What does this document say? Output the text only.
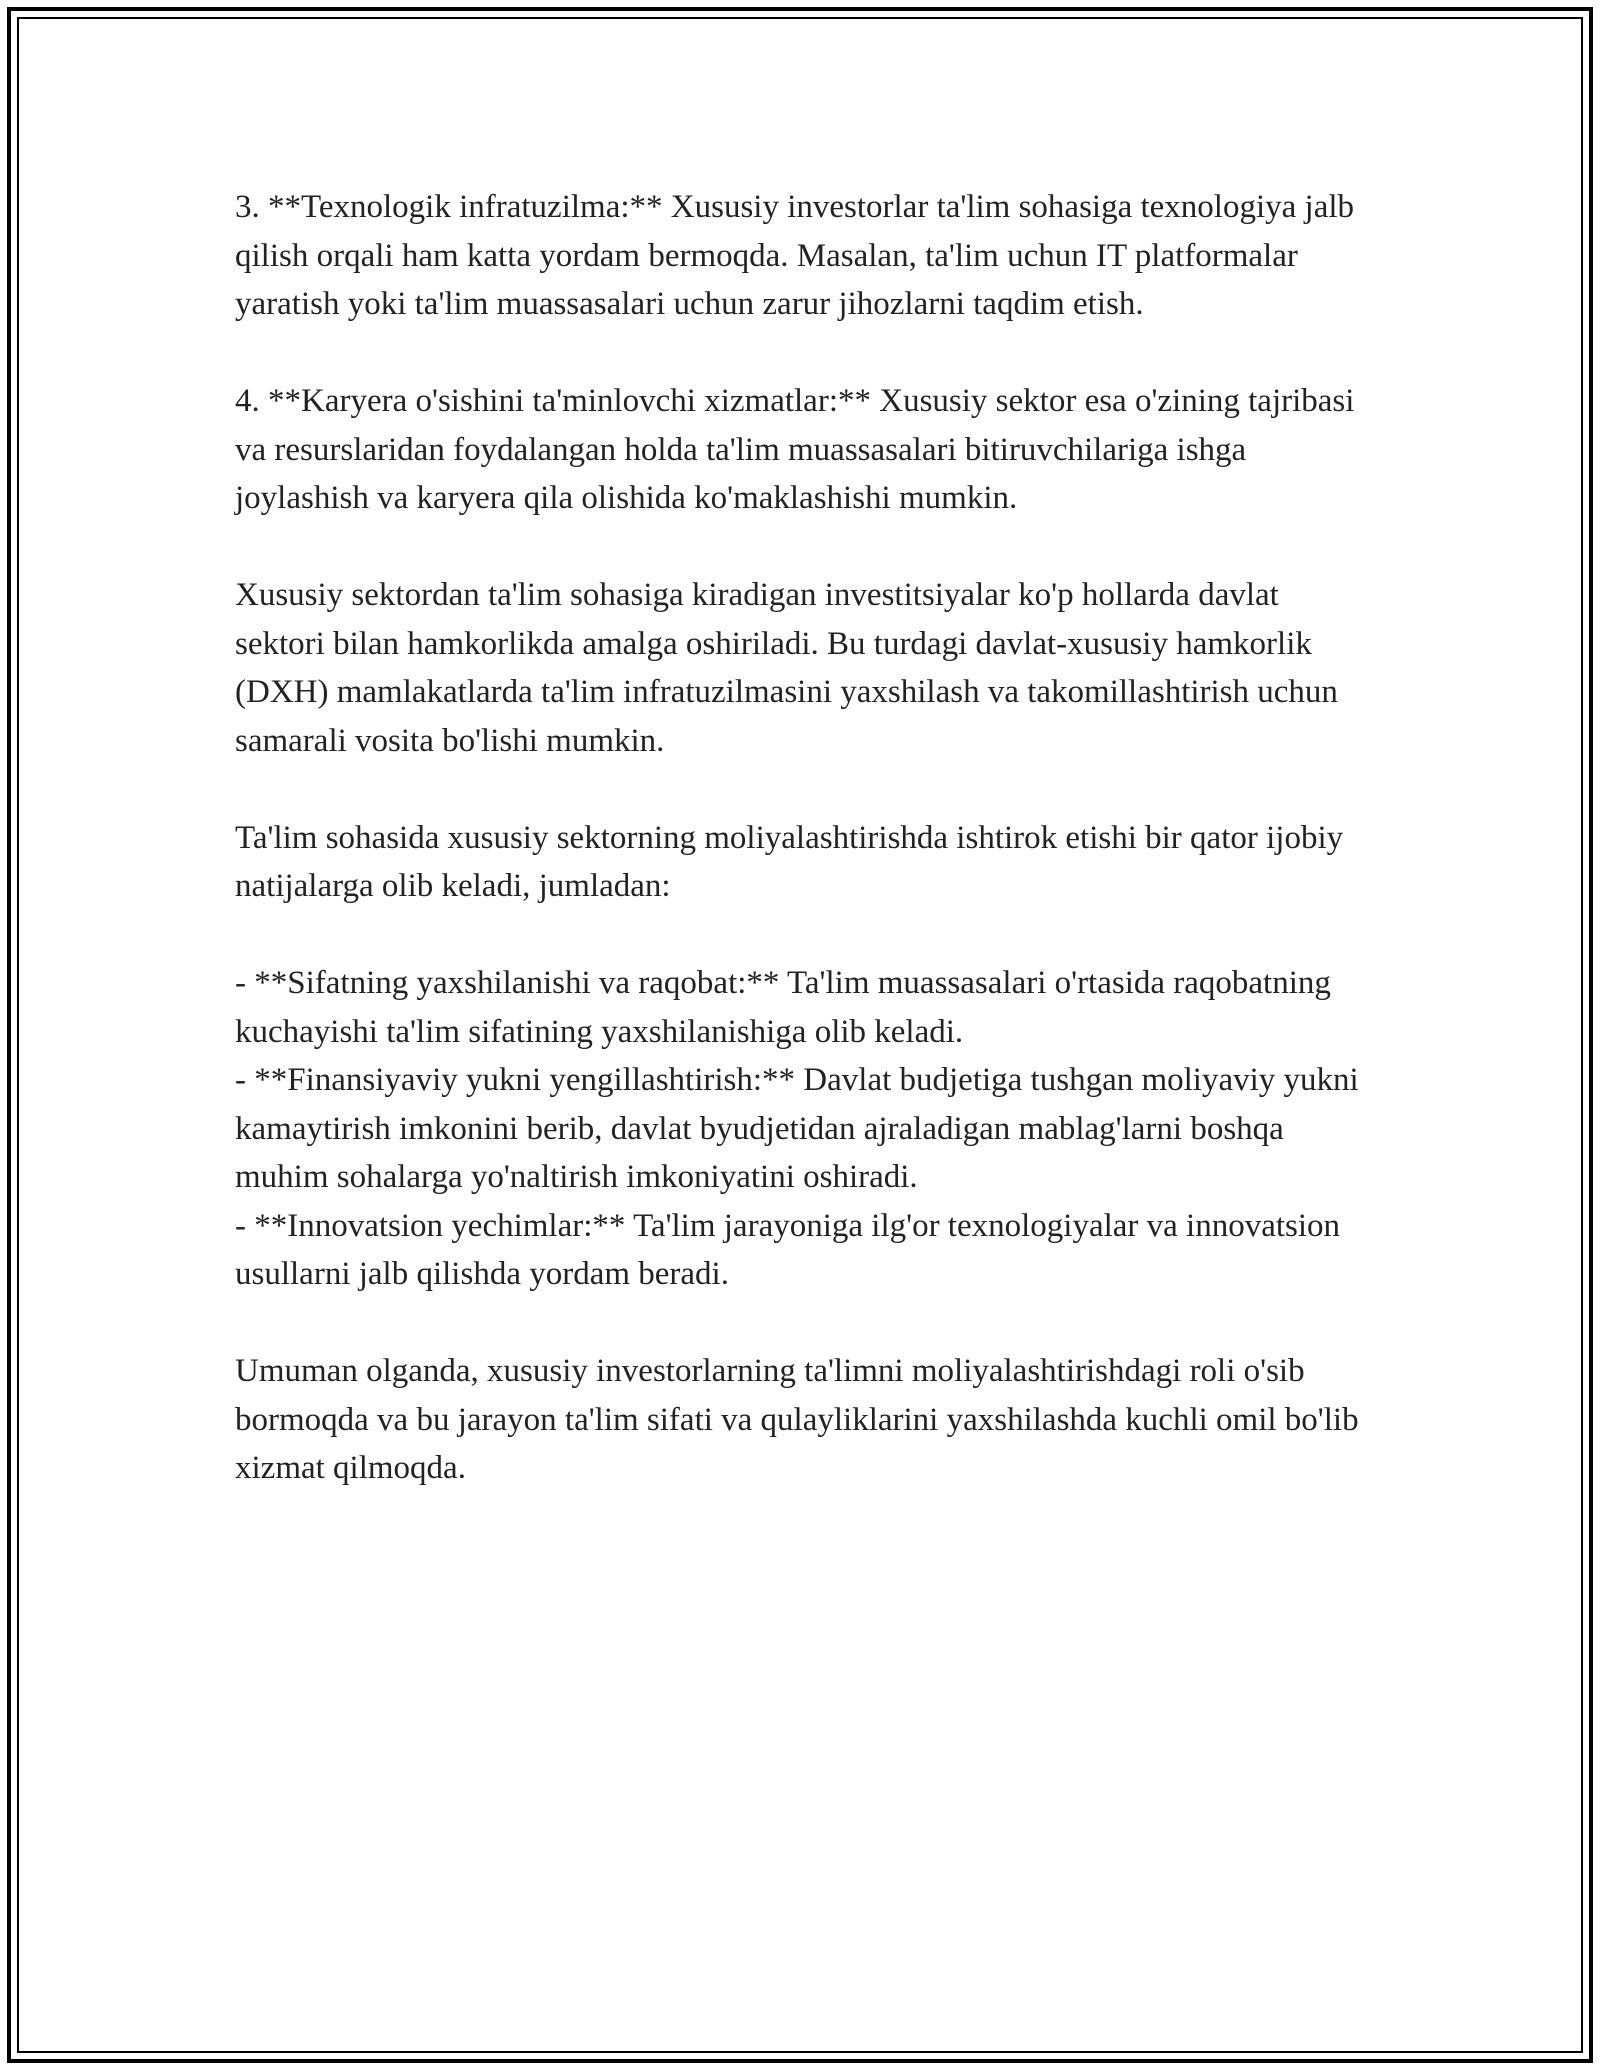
3. **Texnologik infratuzilma:** Xususiy investorlar ta'lim sohasiga texnologiya jalb qilish orqali ham katta yordam bermoqda. Masalan, ta'lim uchun IT platformalar yaratish yoki ta'lim muassasalari uchun zarur jihozlarni taqdim etish.

4. **Karyera o'sishini ta'minlovchi xizmatlar:** Xususiy sektor esa o'zining tajribasi va resurslaridan foydalangan holda ta'lim muassasalari bitiruvchilariga ishga joylashish va karyera qila olishida ko'maklashishi mumkin.

Xususiy sektordan ta'lim sohasiga kiradigan investitsiyalar ko'p hollarda davlat sektori bilan hamkorlikda amalga oshiriladi. Bu turdagi davlat-xususiy hamkorlik (DXH) mamlakatlarda ta'lim infratuzilmasini yaxshilash va takomillashtirish uchun samarali vosita bo'lishi mumkin.

Ta'lim sohasida xususiy sektorning moliyalashtirishda ishtirok etishi bir qator ijobiy natijalarga olib keladi, jumladan:

- **Sifatning yaxshilanishi va raqobat:** Ta'lim muassasalari o'rtasida raqobatning kuchayishi ta'lim sifatining yaxshilanishiga olib keladi.

- **Finansiyaviy yukni yengillashtirish:** Davlat budjetiga tushgan moliyaviy yukni kamaytirish imkonini berib, davlat byudjetidan ajraladigan mablag'larni boshqa muhim sohalarga yo'naltirish imkoniyatini oshiradi.

- **Innovatsion yechimlar:** Ta'lim jarayoniga ilg'or texnologiyalar va innovatsion usullarni jalb qilishda yordam beradi.

Umuman olganda, xususiy investorlarning ta'limni moliyalashtirishdagi roli o'sib bormoqda va bu jarayon ta'lim sifati va qulayliklarini yaxshilashda kuchli omil bo'lib xizmat qilmoqda.
